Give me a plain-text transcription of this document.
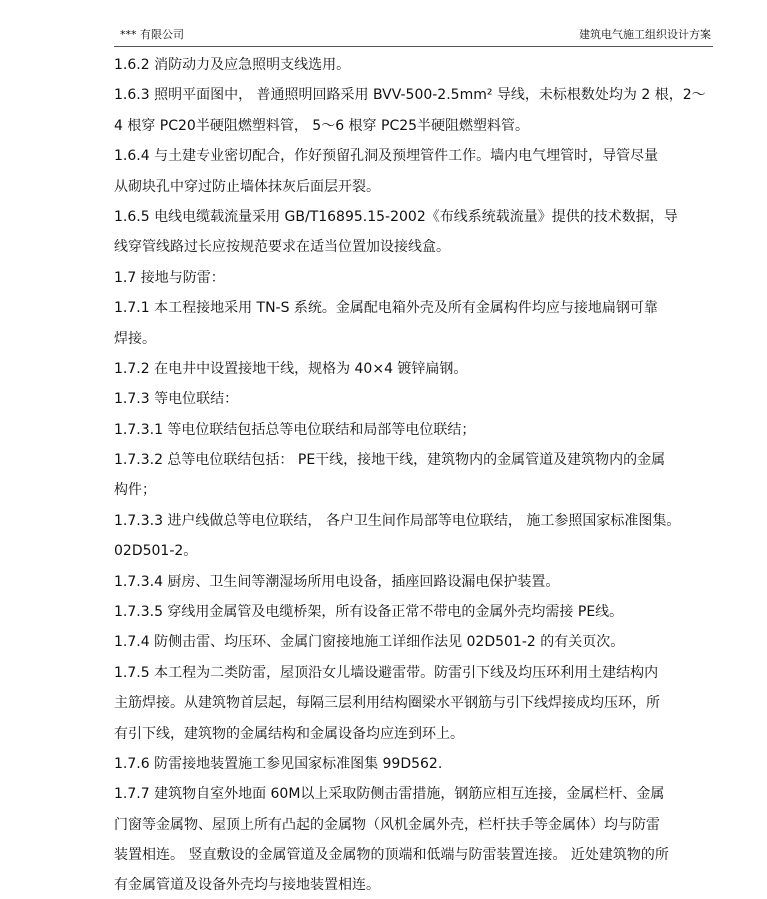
*** 有限公司	建筑电气施工组织设计方案
1.6.2 消防动力及应急照明支线选用。
1.6.3 照明平面图中， 普通照明回路采用 BVV-500-2.5mm² 导线，未标根数处均为 2 根，2～
4 根穿 PC20半硬阻燃塑料管， 5～6 根穿 PC25半硬阻燃塑料管。
1.6.4 与土建专业密切配合，作好预留孔洞及预埋管件工作。墙内电气埋管时，导管尽量
从砌块孔中穿过防止墙体抹灰后面层开裂。
1.6.5 电线电缆载流量采用 GB/T16895.15-2002《布线系统载流量》提供的技术数据，导
线穿管线路过长应按规范要求在适当位置加设接线盒。
1.7 接地与防雷：
1.7.1 本工程接地采用 TN-S 系统。金属配电箱外壳及所有金属构件均应与接地扁钢可靠
焊接。
1.7.2 在电井中设置接地干线，规格为 40×4 镀锌扁钢。
1.7.3 等电位联结：
1.7.3.1 等电位联结包括总等电位联结和局部等电位联结；
1.7.3.2 总等电位联结包括： PE干线，接地干线，建筑物内的金属管道及建筑物内的金属
构件；
1.7.3.3 进户线做总等电位联结， 各户卫生间作局部等电位联结， 施工参照国家标准图集。
02D501-2。
1.7.3.4 厨房、卫生间等潮湿场所用电设备，插座回路设漏电保护装置。
1.7.3.5 穿线用金属管及电缆桥架，所有设备正常不带电的金属外壳均需接 PE线。
1.7.4 防侧击雷、均压环、金属门窗接地施工详细作法见 02D501-2 的有关页次。
1.7.5 本工程为二类防雷，屋顶沿女儿墙设避雷带。防雷引下线及均压环利用土建结构内
主筋焊接。从建筑物首层起，每隔三层利用结构圈梁水平钢筋与引下线焊接成均压环，所
有引下线，建筑物的金属结构和金属设备均应连到环上。
1.7.6 防雷接地装置施工参见国家标准图集 99D562.
1.7.7 建筑物自室外地面 60M以上采取防侧击雷措施，钢筋应相互连接，金属栏杆、金属
门窗等金属物、屋顶上所有凸起的金属物（风机金属外壳，栏杆扶手等金属体）均与防雷
装置相连。 竖直敷设的金属管道及金属物的顶端和低端与防雷装置连接。 近处建筑物的所
有金属管道及设备外壳均与接地装置相连。
